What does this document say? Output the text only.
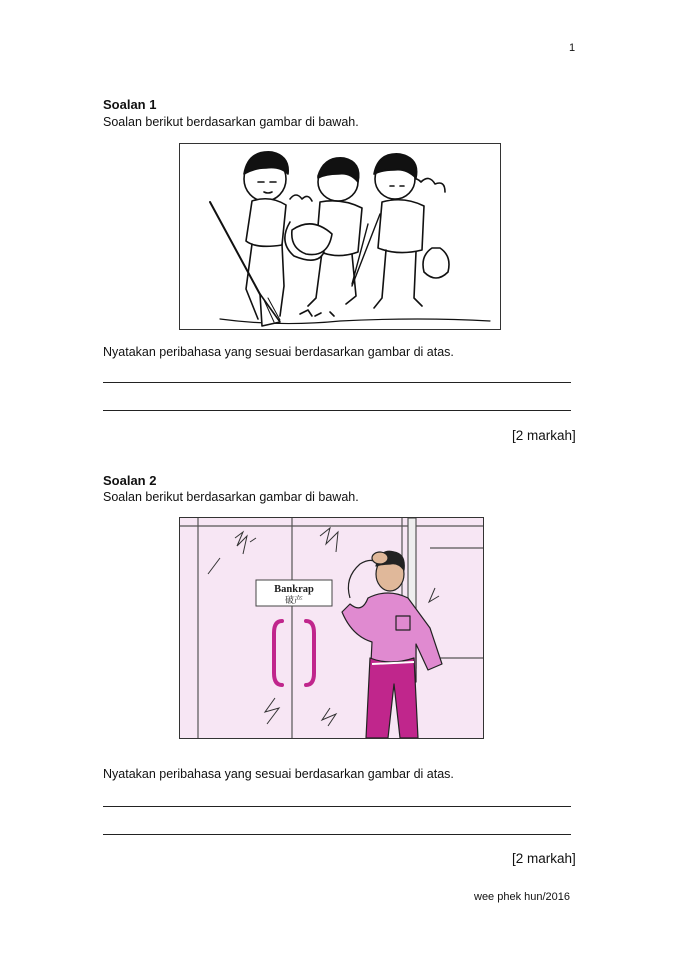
1
Soalan 1
Soalan berikut berdasarkan gambar di bawah.
Nyatakan peribahasa yang sesuai berdasarkan gambar di atas.
[2 markah]
Soalan 2
Soalan berikut berdasarkan gambar di bawah.
Bankrap
破产
Nyatakan peribahasa yang sesuai berdasarkan gambar di atas.
[2 markah]
wee phek hun/2016
